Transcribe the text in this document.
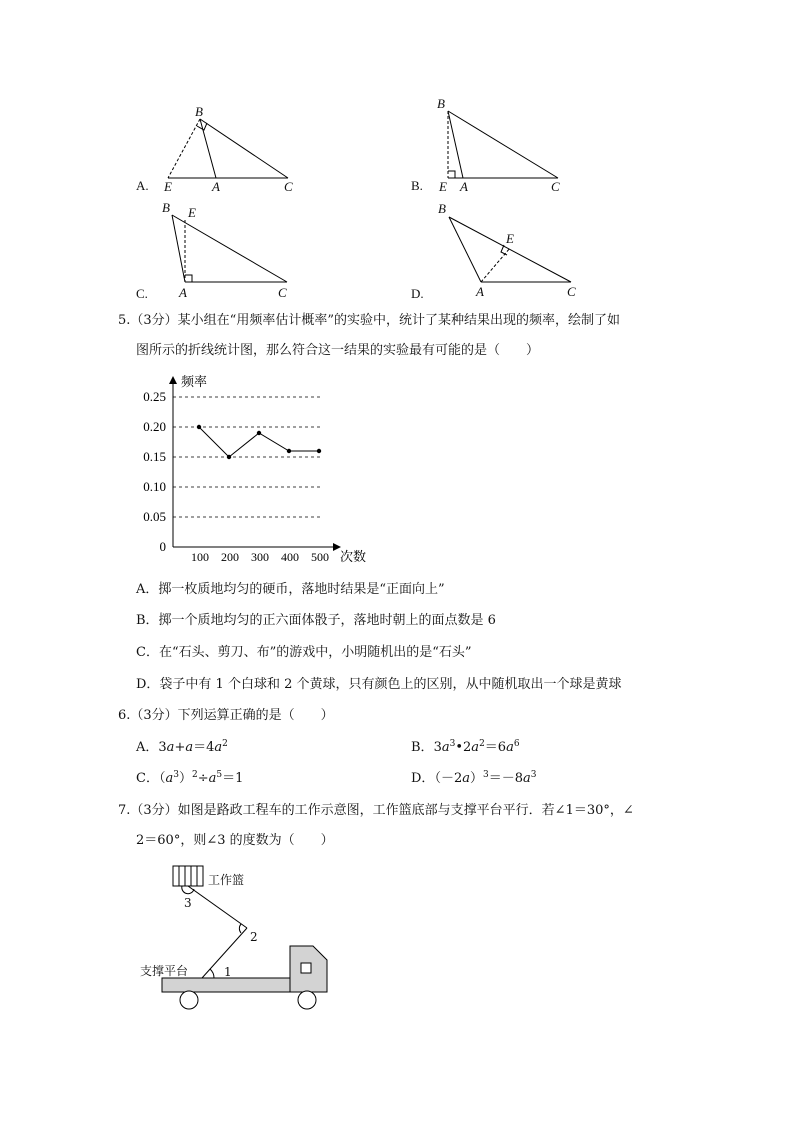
A.
B
E	A	C	B.
B
E A	C
C.
B E
A	C	D.
B
E
A	C
5.（3分）某小组在“用频率估计概率”的实验中，统计了某种结果出现的频率，绘制了如
图所示的折线统计图，那么符合这一结果的实验最有可能的是（　　）
0
0.05
0.10
0.15
0.20
0.25
100 200 300 400 500
频率
次数
A．掷一枚质地均匀的硬币，落地时结果是“正面向上”
B．掷一个质地均匀的正六面体骰子，落地时朝上的面点数是 6
C．在“石头、剪刀、布”的游戏中，小明随机出的是“石头”
D．袋子中有 1 个白球和 2 个黄球，只有颜色上的区别，从中随机取出一个球是黄球
6.（3分）下列运算正确的是（　　）
A．$3a+a=4a^2$	B．$3a^3•2a^2=6a^6$
C．$(a^3)^2\div a^5=1$	D．$(-2a)^3=-8a^3$
7.（3分）如图是路政工程车的工作示意图，工作篮底部与支撑平台平行．若∠1＝30°，∠
2＝60°，则∠3 的度数为（　　）
工作篮
3
2
支撑平台	1
